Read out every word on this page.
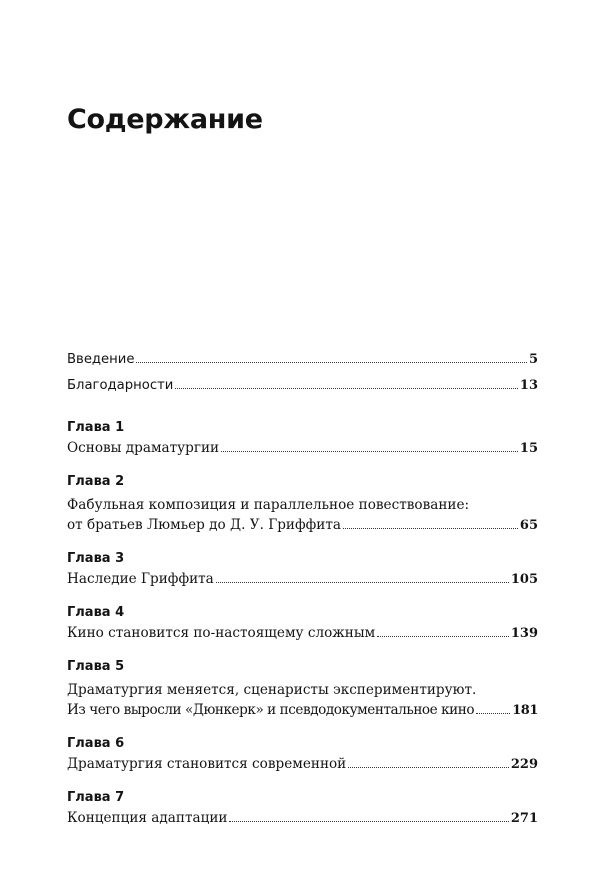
Содержание
Введение	5
Благодарности	13
Глава 1
Основы драматургии	15
Глава 2
Фабульная композиция и параллельное повествование:
от братьев Люмьер до Д. У. Гриффита	65
Глава 3
Наследие Гриффита	105
Глава 4
Кино становится по-настоящему сложным	139
Глава 5
Драматургия меняется, сценаристы экспериментируют.
Из чего выросли «Дюнкерк» и псевдодокументальное кино	181
Глава 6
Драматургия становится современной	229
Глава 7
Концепция адаптации	271
